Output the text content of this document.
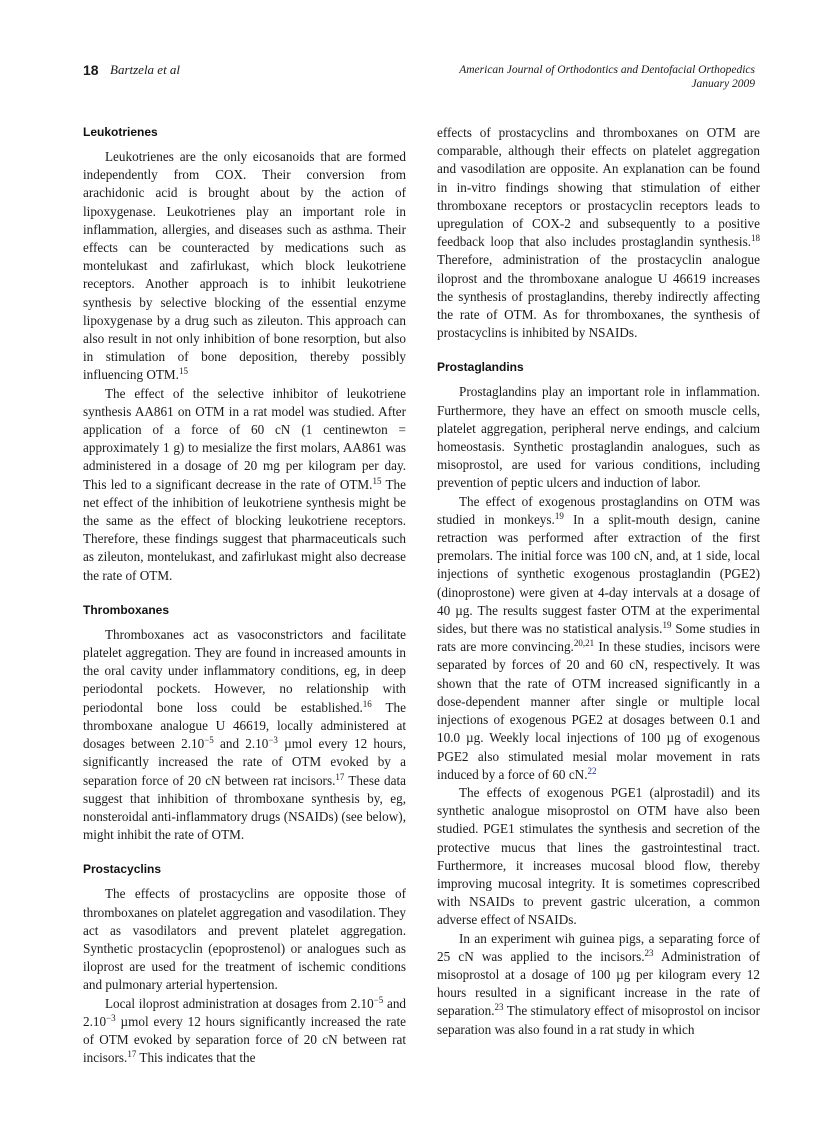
18 Bartzela et al	American Journal of Orthodontics and Dentofacial Orthopedics
January 2009
Leukotrienes

Leukotrienes are the only eicosanoids that are formed independently from COX. Their conversion from arachidonic acid is brought about by the action of lipoxygenase. Leukotrienes play an important role in inflammation, allergies, and diseases such as asthma. Their effects can be counteracted by medications such as montelukast and zafirlukast, which block leukotriene receptors. Another approach is to inhibit leukotriene synthesis by selective blocking of the essential enzyme lipoxygenase by a drug such as zileuton. This approach can also result in not only inhibition of bone resorption, but also in stimulation of bone deposition, thereby possibly influencing OTM.$^{15}$

The effect of the selective inhibitor of leukotriene synthesis AA861 on OTM in a rat model was studied. After application of a force of 60 cN (1 centinewton = approximately 1 g) to mesialize the first molars, AA861 was administered in a dosage of 20 mg per kilogram per day. This led to a significant decrease in the rate of OTM.$^{15}$ The net effect of the inhibition of leukotriene synthesis might be the same as the effect of blocking leukotriene receptors. Therefore, these findings suggest that pharmaceuticals such as zileuton, montelukast, and zafirlukast might also decrease the rate of OTM.

Thromboxanes

Thromboxanes act as vasoconstrictors and facilitate platelet aggregation. They are found in increased amounts in the oral cavity under inflammatory conditions, eg, in deep periodontal pockets. However, no relationship with periodontal bone loss could be established.$^{16}$ The thromboxane analogue U 46619, locally administered at dosages between $2.10^{-5}$ and $2.10^{-3}$ µmol every 12 hours, significantly increased the rate of OTM evoked by a separation force of 20 cN between rat incisors.$^{17}$ These data suggest that inhibition of thromboxane synthesis by, eg, nonsteroidal anti-inflammatory drugs (NSAIDs) (see below), might inhibit the rate of OTM.

Prostacyclins

The effects of prostacyclins are opposite those of thromboxanes on platelet aggregation and vasodilation. They act as vasodilators and prevent platelet aggregation. Synthetic prostacyclin (epoprostenol) or analogues such as iloprost are used for the treatment of ischemic conditions and pulmonary arterial hypertension.

Local iloprost administration at dosages from $2.10^{-5}$ and $2.10^{-3}$ µmol every 12 hours significantly increased the rate of OTM evoked by separation force of 20 cN between rat incisors.$^{17}$ This indicates that the

effects of prostacyclins and thromboxanes on OTM are comparable, although their effects on platelet aggregation and vasodilation are opposite. An explanation can be found in in-vitro findings showing that stimulation of either thromboxane receptors or prostacyclin receptors leads to upregulation of COX-2 and subsequently to a positive feedback loop that also includes prostaglandin synthesis.$^{18}$ Therefore, administration of the prostacyclin analogue iloprost and the thromboxane analogue U 46619 increases the synthesis of prostaglandins, thereby indirectly affecting the rate of OTM. As for thromboxanes, the synthesis of prostacyclins is inhibited by NSAIDs.

Prostaglandins

Prostaglandins play an important role in inflammation. Furthermore, they have an effect on smooth muscle cells, platelet aggregation, peripheral nerve endings, and calcium homeostasis. Synthetic prostaglandin analogues, such as misoprostol, are used for various conditions, including prevention of peptic ulcers and induction of labor.

The effect of exogenous prostaglandins on OTM was studied in monkeys.$^{19}$ In a split-mouth design, canine retraction was performed after extraction of the first premolars. The initial force was 100 cN, and, at 1 side, local injections of synthetic exogenous prostaglandin (PGE2) (dinoprostone) were given at 4-day intervals at a dosage of 40 µg. The results suggest faster OTM at the experimental sides, but there was no statistical analysis.$^{19}$ Some studies in rats are more convincing.$^{20,21}$ In these studies, incisors were separated by forces of 20 and 60 cN, respectively. It was shown that the rate of OTM increased significantly in a dose-dependent manner after single or multiple local injections of exogenous PGE2 at dosages between 0.1 and 10.0 µg. Weekly local injections of 100 µg of exogenous PGE2 also stimulated mesial molar movement in rats induced by a force of 60 cN.$^{22}$

The effects of exogenous PGE1 (alprostadil) and its synthetic analogue misoprostol on OTM have also been studied. PGE1 stimulates the synthesis and secretion of the protective mucus that lines the gastrointestinal tract. Furthermore, it increases mucosal blood flow, thereby improving mucosal integrity. It is sometimes coprescribed with NSAIDs to prevent gastric ulceration, a common adverse effect of NSAIDs.

In an experiment wih guinea pigs, a separating force of 25 cN was applied to the incisors.$^{23}$ Administration of misoprostol at a dosage of 100 µg per kilogram every 12 hours resulted in a significant increase in the rate of separation.$^{23}$ The stimulatory effect of misoprostol on incisor separation was also found in a rat study in which
